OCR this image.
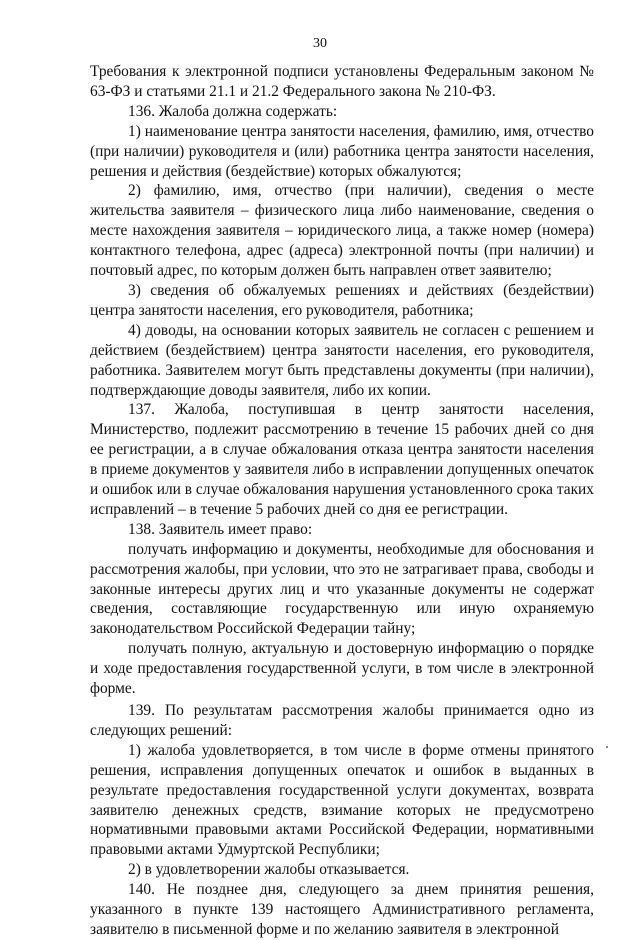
30

Требования к электронной подписи установлены Федеральным законом № 63-ФЗ и статьями 21.1 и 21.2 Федерального закона № 210-ФЗ.

136. Жалоба должна содержать:

1) наименование центра занятости населения, фамилию, имя, отчество (при наличии) руководителя и (или) работника центра занятости населения, решения и действия (бездействие) которых обжалуются;

2) фамилию, имя, отчество (при наличии), сведения о месте жительства заявителя – физического лица либо наименование, сведения о месте нахождения заявителя – юридического лица, а также номер (номера) контактного телефона, адрес (адреса) электронной почты (при наличии) и почтовый адрес, по которым должен быть направлен ответ заявителю;

3) сведения об обжалуемых решениях и действиях (бездействии) центра занятости населения, его руководителя, работника;

4) доводы, на основании которых заявитель не согласен с решением и действием (бездействием) центра занятости населения, его руководителя, работника. Заявителем могут быть представлены документы (при наличии), подтверждающие доводы заявителя, либо их копии.

137. Жалоба, поступившая в центр занятости населения, Министерство, подлежит рассмотрению в течение 15 рабочих дней со дня ее регистрации, а в случае обжалования отказа центра занятости населения в приеме документов у заявителя либо в исправлении допущенных опечаток и ошибок или в случае обжалования нарушения установленного срока таких исправлений – в течение 5 рабочих дней со дня ее регистрации.

138. Заявитель имеет право:

получать информацию и документы, необходимые для обоснования и рассмотрения жалобы, при условии, что это не затрагивает права, свободы и законные интересы других лиц и что указанные документы не содержат сведения, составляющие государственную или иную охраняемую законодательством Российской Федерации тайну;

получать полную, актуальную и достоверную информацию о порядке и ходе предоставления государственной услуги, в том числе в электронной форме.

139. По результатам рассмотрения жалобы принимается одно из следующих решений:

1) жалоба удовлетворяется, в том числе в форме отмены принятого решения, исправления допущенных опечаток и ошибок в выданных в результате предоставления государственной услуги документах, возврата заявителю денежных средств, взимание которых не предусмотрено нормативными правовыми актами Российской Федерации, нормативными правовыми актами Удмуртской Республики;

2) в удовлетворении жалобы отказывается.

140. Не позднее дня, следующего за днем принятия решения, указанного в пункте 139 настоящего Административного регламента, заявителю в письменной форме и по желанию заявителя в электронной
